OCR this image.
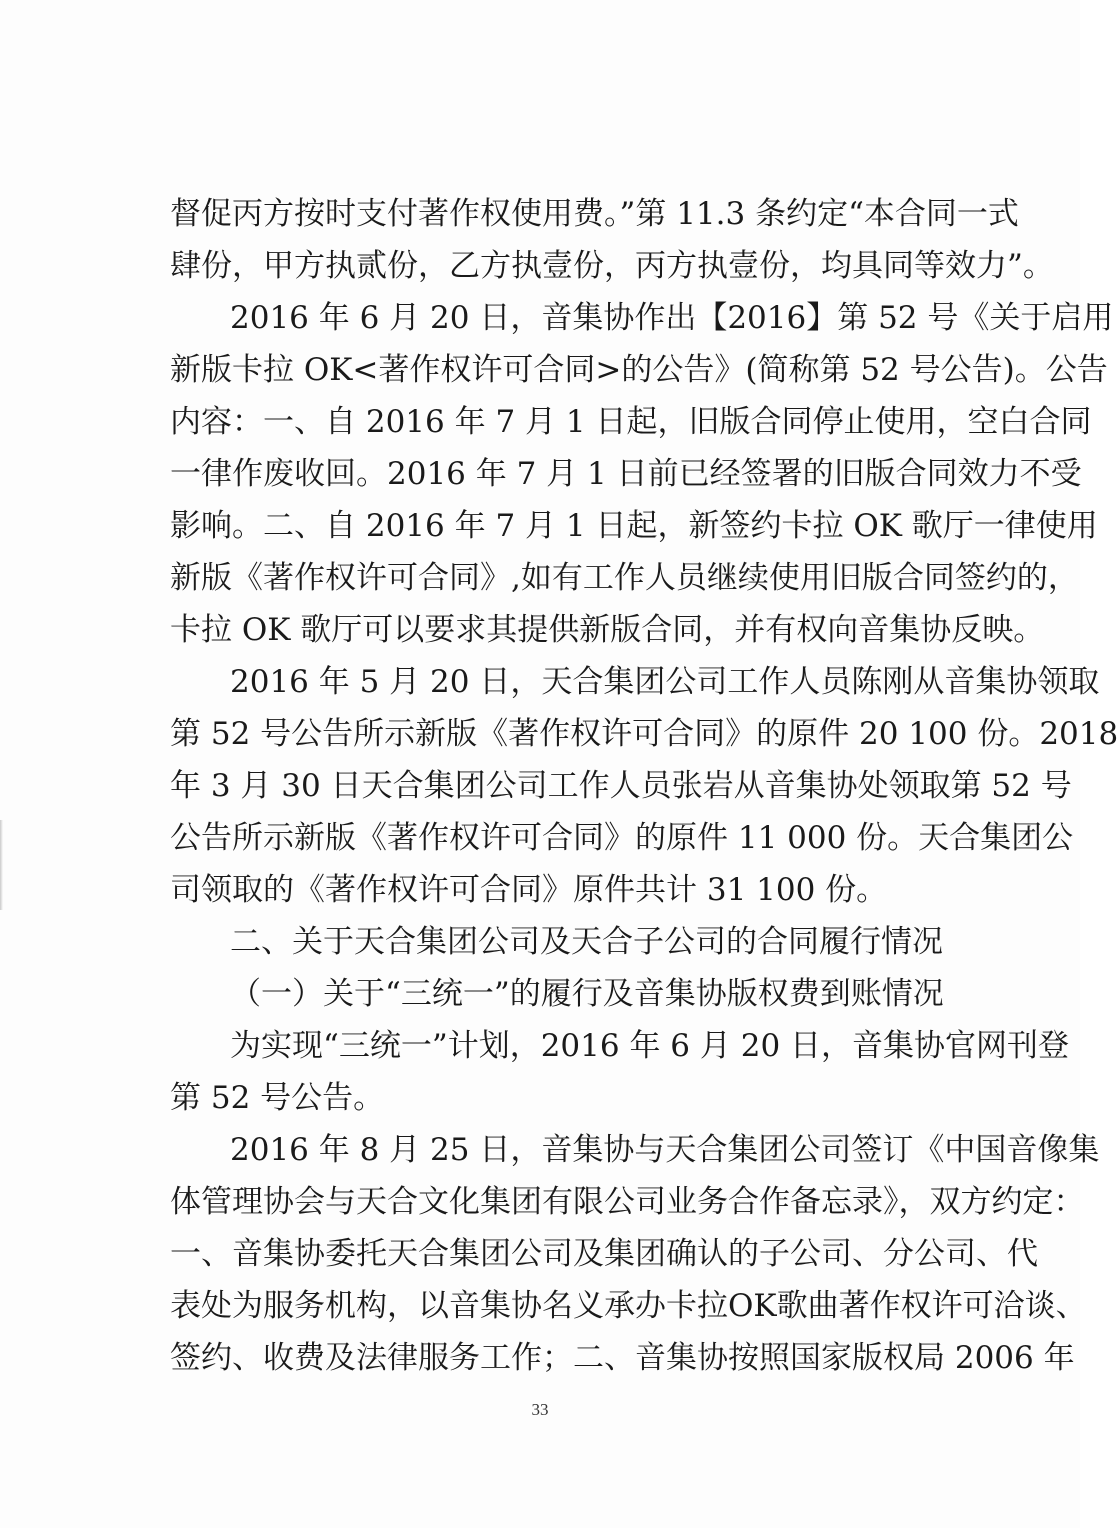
督促丙方按时支付著作权使用费。”第 11.3 条约定“本合同一式
肆份，甲方执贰份，乙方执壹份，丙方执壹份，均具同等效力”。
2016 年 6 月 20 日，音集协作出【2016】第 52 号《关于启用
新版卡拉 OK<著作权许可合同>的公告》(简称第 52 号公告)。公告
内容：一、自 2016 年 7 月 1 日起，旧版合同停止使用，空白合同
一律作废收回。2016 年 7 月 1 日前已经签署的旧版合同效力不受
影响。二、自 2016 年 7 月 1 日起，新签约卡拉 OK 歌厅一律使用
新版《著作权许可合同》,如有工作人员继续使用旧版合同签约的，
卡拉 OK 歌厅可以要求其提供新版合同，并有权向音集协反映。
2016 年 5 月 20 日，天合集团公司工作人员陈刚从音集协领取
第 52 号公告所示新版《著作权许可合同》的原件 20 100 份。2018
年 3 月 30 日天合集团公司工作人员张岩从音集协处领取第 52 号
公告所示新版《著作权许可合同》的原件 11 000 份。天合集团公
司领取的《著作权许可合同》原件共计 31 100 份。
二、关于天合集团公司及天合子公司的合同履行情况
（一）关于“三统一”的履行及音集协版权费到账情况
为实现“三统一”计划，2016 年 6 月 20 日，音集协官网刊登
第 52 号公告。
2016 年 8 月 25 日，音集协与天合集团公司签订《中国音像集
体管理协会与天合文化集团有限公司业务合作备忘录》，双方约定：
一、音集协委托天合集团公司及集团确认的子公司、分公司、代
表处为服务机构，以音集协名义承办卡拉OK歌曲著作权许可洽谈、
签约、收费及法律服务工作；二、音集协按照国家版权局 2006 年
33
